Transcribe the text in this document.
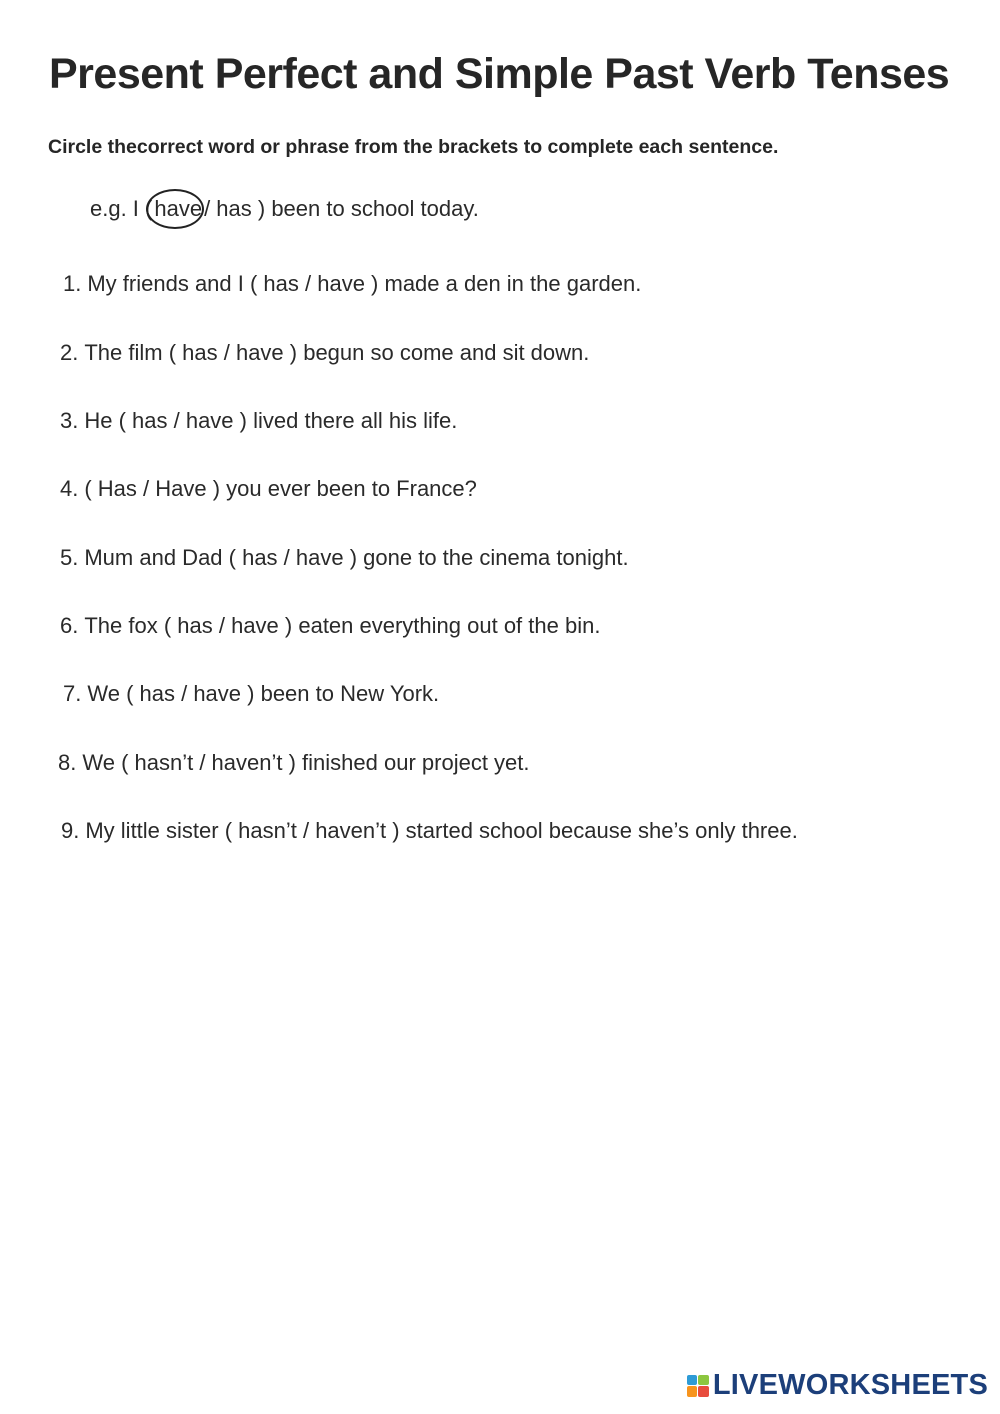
Present Perfect and Simple Past Verb Tenses

Circle thecorrect word or phrase from the brackets to complete each sentence.

e.g. I (
have/ has ) been to school today.
1. My friends and I ( has / have ) made a den in the garden.
2. The film ( has / have ) begun so come and sit down.
3. He ( has / have ) lived there all his life.
4. ( Has / Have ) you ever been to France?
5. Mum and Dad ( has / have ) gone to the cinema tonight.
6. The fox ( has / have ) eaten everything out of the bin.
7. We ( has / have ) been to New York.
8. We ( hasn’t / haven’t ) finished our project yet.
9. My little sister ( hasn’t / haven’t ) started school because she’s only three.
LIVEWORKSHEETS
